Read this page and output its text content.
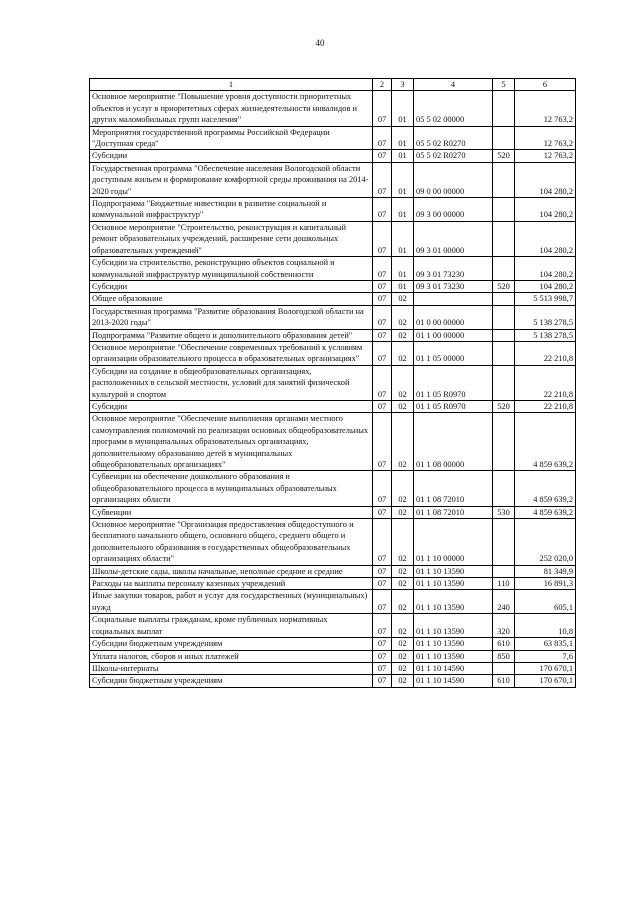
40
1	2	3	4	5	6
Основное мероприятие "Повышение уровня доступности приоритетных объектов и услуг в приоритетных сферах жизнедеятельности инвалидов и других маломобильных групп населения"	07	01	05 5 02 00000		12 763,2
Мероприятия государственной программы Российской Федерации "Доступная среда"	07	01	05 5 02 R0270		12 763,2
Субсидии	07	01	05 5 02 R0270	520	12 763,2
Государственная программа "Обеспечение населения Вологодской области доступным жильем и формирование комфортной среды проживания на 2014-2020 годы"	07	01	09 0 00 00000		104 280,2
Подпрограмма "Бюджетные инвестиции в развитие социальной и коммунальной инфраструктур"	07	01	09 3 00 00000		104 280,2
Основное мероприятие "Строительство, реконструкция и капитальный ремонт образовательных учреждений, расширение сети дошкольных образовательных учреждений"	07	01	09 3 01 00000		104 280,2
Субсидии на строительство, реконструкцию объектов социальной и коммунальной инфраструктур муниципальной собственности	07	01	09 3 01 73230		104 280,2
Субсидии	07	01	09 3 01 73230	520	104 280,2
Общее образование	07	02			5 513 998,7
Государственная программа "Развитие образования Вологодской области на 2013-2020 годы"	07	02	01 0 00 00000		5 138 278,5
Подпрограмма "Развитие общего и дополнительного образования детей"	07	02	01 1 00 00000		5 138 278,5
Основное мероприятие "Обеспечение современных требований к условиям организации образовательного процесса в образовательных организациях"	07	02	01 1 05 00000		22 210,8
Субсидии на создание в общеобразовательных организациях, расположенных в сельской местности, условий для занятий физической культурой и спортом	07	02	01 1 05 R0970		22 210,8
Субсидии	07	02	01 1 05 R0970	520	22 210,8
Основное мероприятие "Обеспечение выполнения органами местного самоуправления полномочий по реализации основных общеобразовательных программ в муниципальных образовательных организациях, дополнительному образованию детей в муниципальных общеобразовательных организациях"	07	02	01 1 08 00000		4 859 639,2
Субвенции на обеспечение дошкольного образования и общеобразовательного процесса в муниципальных образовательных организациях области	07	02	01 1 08 72010		4 859 639,2
Субвенции	07	02	01 1 08 72010	530	4 859 639,2
Основное мероприятие "Организация предоставления общедоступного и бесплатного начального общего, основного общего, среднего общего и дополнительного образования в государственных общеобразовательных организациях области"	07	02	01 1 10 00000		252 020,0
Школы-детские сады, школы начальные, неполные средние и средние	07	02	01 1 10 13590		81 349,9
Расходы на выплаты персоналу казенных учреждений	07	02	01 1 10 13590	110	16 891,3
Иные закупки товаров, работ и услуг для государственных (муниципальных) нужд	07	02	01 1 10 13590	240	605,1
Социальные выплаты гражданам, кроме публичных нормативных социальных выплат	07	02	01 1 10 13590	320	10,8
Субсидии бюджетным учреждениям	07	02	01 1 10 13590	610	63 835,1
Уплата налогов, сборов и иных платежей	07	02	01 1 10 13590	850	7,6
Школы-интернаты	07	02	01 1 10 14590		170 670,1
Субсидии бюджетным учреждениям	07	02	01 1 10 14590	610	170 670,1
